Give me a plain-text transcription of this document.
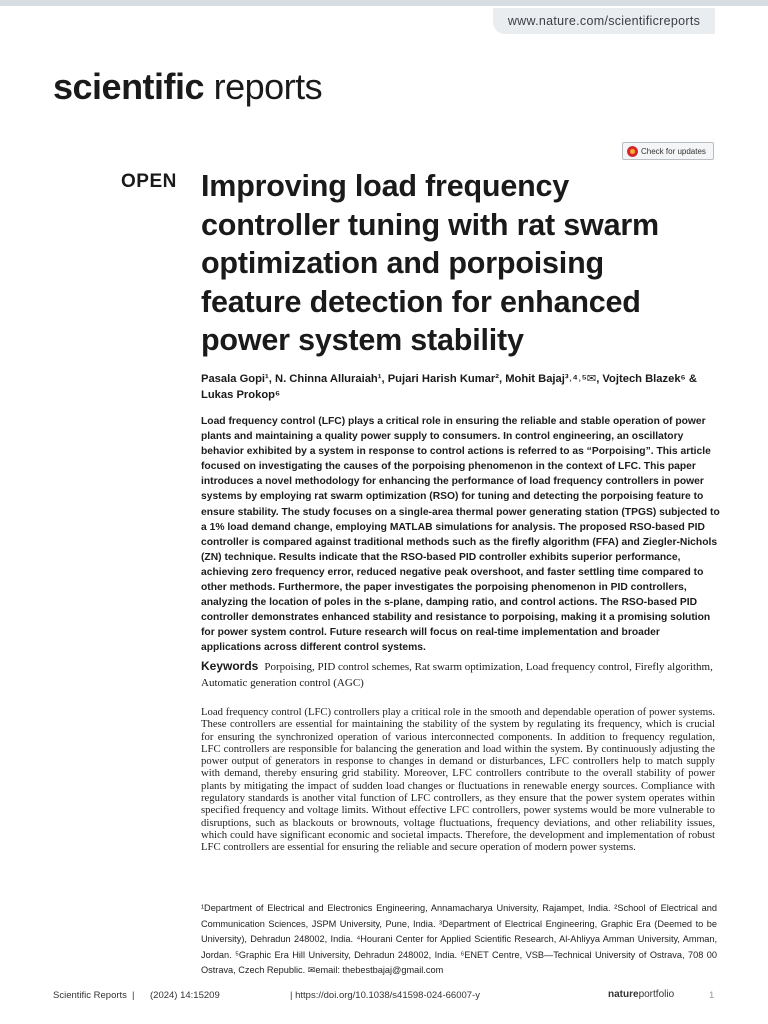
www.nature.com/scientificreports
scientific reports
Check for updates
OPEN Improving load frequency controller tuning with rat swarm optimization and porpoising feature detection for enhanced power system stability

Pasala Gopi¹, N. Chinna Alluraiah¹, Pujari Harish Kumar², Mohit Bajaj³˒⁴˒⁵✉, Vojtech Blazek⁶ & Lukas Prokop⁶

Load frequency control (LFC) plays a critical role in ensuring the reliable and stable operation of power plants and maintaining a quality power supply to consumers. In control engineering, an oscillatory behavior exhibited by a system in response to control actions is referred to as “Porpoising”. This article focused on investigating the causes of the porpoising phenomenon in the context of LFC. This paper introduces a novel methodology for enhancing the performance of load frequency controllers in power systems by employing rat swarm optimization (RSO) for tuning and detecting the porpoising feature to ensure stability. The study focuses on a single-area thermal power generating station (TPGS) subjected to a 1% load demand change, employing MATLAB simulations for analysis. The proposed RSO-based PID controller is compared against traditional methods such as the firefly algorithm (FFA) and Ziegler-Nichols (ZN) technique. Results indicate that the RSO-based PID controller exhibits superior performance, achieving zero frequency error, reduced negative peak overshoot, and faster settling time compared to other methods. Furthermore, the paper investigates the porpoising phenomenon in PID controllers, analyzing the location of poles in the s-plane, damping ratio, and control actions. The RSO-based PID controller demonstrates enhanced stability and resistance to porpoising, making it a promising solution for power system control. Future research will focus on real-time implementation and broader applications across different control systems.

Keywords Porpoising, PID control schemes, Rat swarm optimization, Load frequency control, Firefly algorithm, Automatic generation control (AGC)

Load frequency control (LFC) controllers play a critical role in the smooth and dependable operation of power systems. These controllers are essential for maintaining the stability of the system by regulating its frequency, which is crucial for ensuring the synchronized operation of various interconnected components. In addition to frequency regulation, LFC controllers are responsible for balancing the generation and load within the system. By continuously adjusting the power output of generators in response to changes in demand or disturbances, LFC controllers help to match supply with demand, thereby ensuring grid stability. Moreover, LFC controllers contribute to the overall stability of power plants by mitigating the impact of sudden load changes or fluctuations in renewable energy sources. Compliance with regulatory standards is another vital function of LFC controllers, as they ensure that the power system operates within specified frequency and voltage limits. Without effective LFC controllers, power systems would be more vulnerable to disruptions, such as blackouts or brownouts, voltage fluctuations, frequency deviations, and other reliability issues, which could have significant economic and societal impacts. Therefore, the development and implementation of robust LFC controllers are essential for ensuring the reliable and secure operation of modern power systems.

¹Department of Electrical and Electronics Engineering, Annamacharya University, Rajampet, India. ²School of Electrical and Communication Sciences, JSPM University, Pune, India. ³Department of Electrical Engineering, Graphic Era (Deemed to be University), Dehradun 248002, India. ⁴Hourani Center for Applied Scientific Research, Al-Ahliyya Amman University, Amman, Jordan. ⁵Graphic Era Hill University, Dehradun 248002, India. ⁶ENET Centre, VSB—Technical University of Ostrava, 708 00 Ostrava, Czech Republic. ✉email: thebestbajaj@gmail.com

Scientific Reports | (2024) 14:15209	| https://doi.org/10.1038/s41598-024-66007-y	natureportfolio	1
